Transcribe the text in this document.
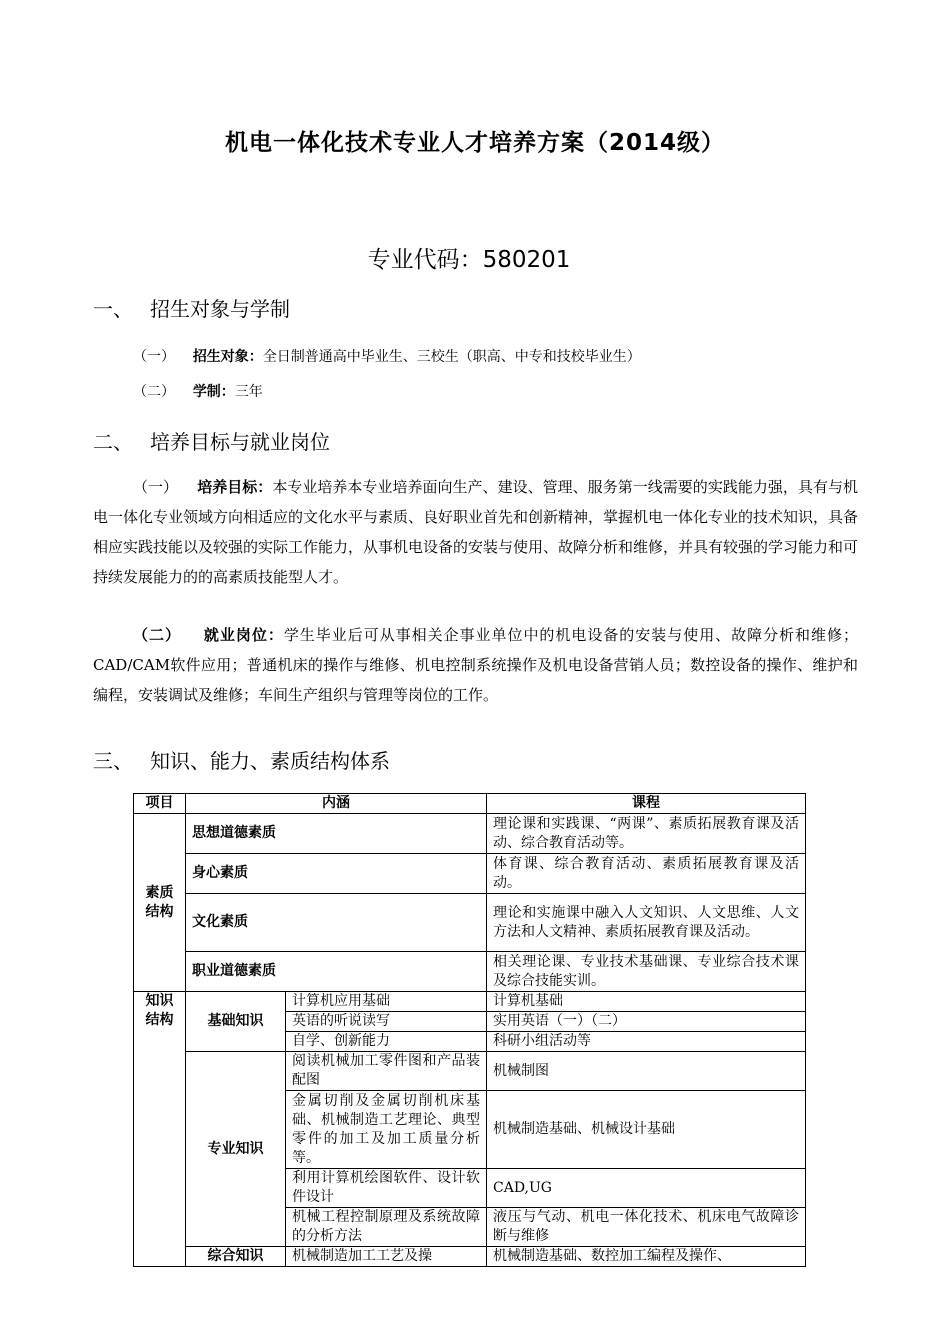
机电一体化技术专业人才培养方案（2014级）
专业代码：580201
一、 招生对象与学制
（一） 招生对象：全日制普通高中毕业生、三校生（职高、中专和技校毕业生）
（二） 学制：三年
二、 培养目标与就业岗位
（一） 培养目标：本专业培养本专业培养面向生产、建设、管理、服务第一线需要的实践能力强，具有与机电一体化专业领域方向相适应的文化水平与素质、良好职业首先和创新精神，掌握机电一体化专业的技术知识，具备相应实践技能以及较强的实际工作能力，从事机电设备的安装与使用、故障分析和维修，并具有较强的学习能力和可持续发展能力的的高素质技能型人才。
（二） 就业岗位：学生毕业后可从事相关企事业单位中的机电设备的安装与使用、故障分析和维修；CAD/CAM软件应用；普通机床的操作与维修、机电控制系统操作及机电设备营销人员；数控设备的操作、维护和编程，安装调试及维修；车间生产组织与管理等岗位的工作。
三、 知识、能力、素质结构体系
项目	内涵		课程
素质结构	思想道德素质		理论课和实践课、“两课”、素质拓展教育课及活动、综合教育活动等。
	身心素质		体育课、综合教育活动、素质拓展教育课及活动。
	文化素质		理论和实施课中融入人文知识、人文思维、人文方法和人文精神、素质拓展教育课及活动。
	职业道德素质		相关理论课、专业技术基础课、专业综合技术课及综合技能实训。
知识结构	基础知识	计算机应用基础	计算机基础
		英语的听说读写	实用英语（一）（二）
		自学、创新能力	科研小组活动等
	专业知识	阅读机械加工零件图和产品装配图	机械制图
		金属切削及金属切削机床基础、机械制造工艺理论、典型零件的加工及加工质量分析等。	机械制造基础、机械设计基础
		利用计算机绘图软件、设计软件设计	CAD,UG
		机械工程控制原理及系统故障的分析方法	液压与气动、机电一体化技术、机床电气故障诊断与维修
	综合知识	机械制造加工工艺及操	机械制造基础、数控加工编程及操作、
